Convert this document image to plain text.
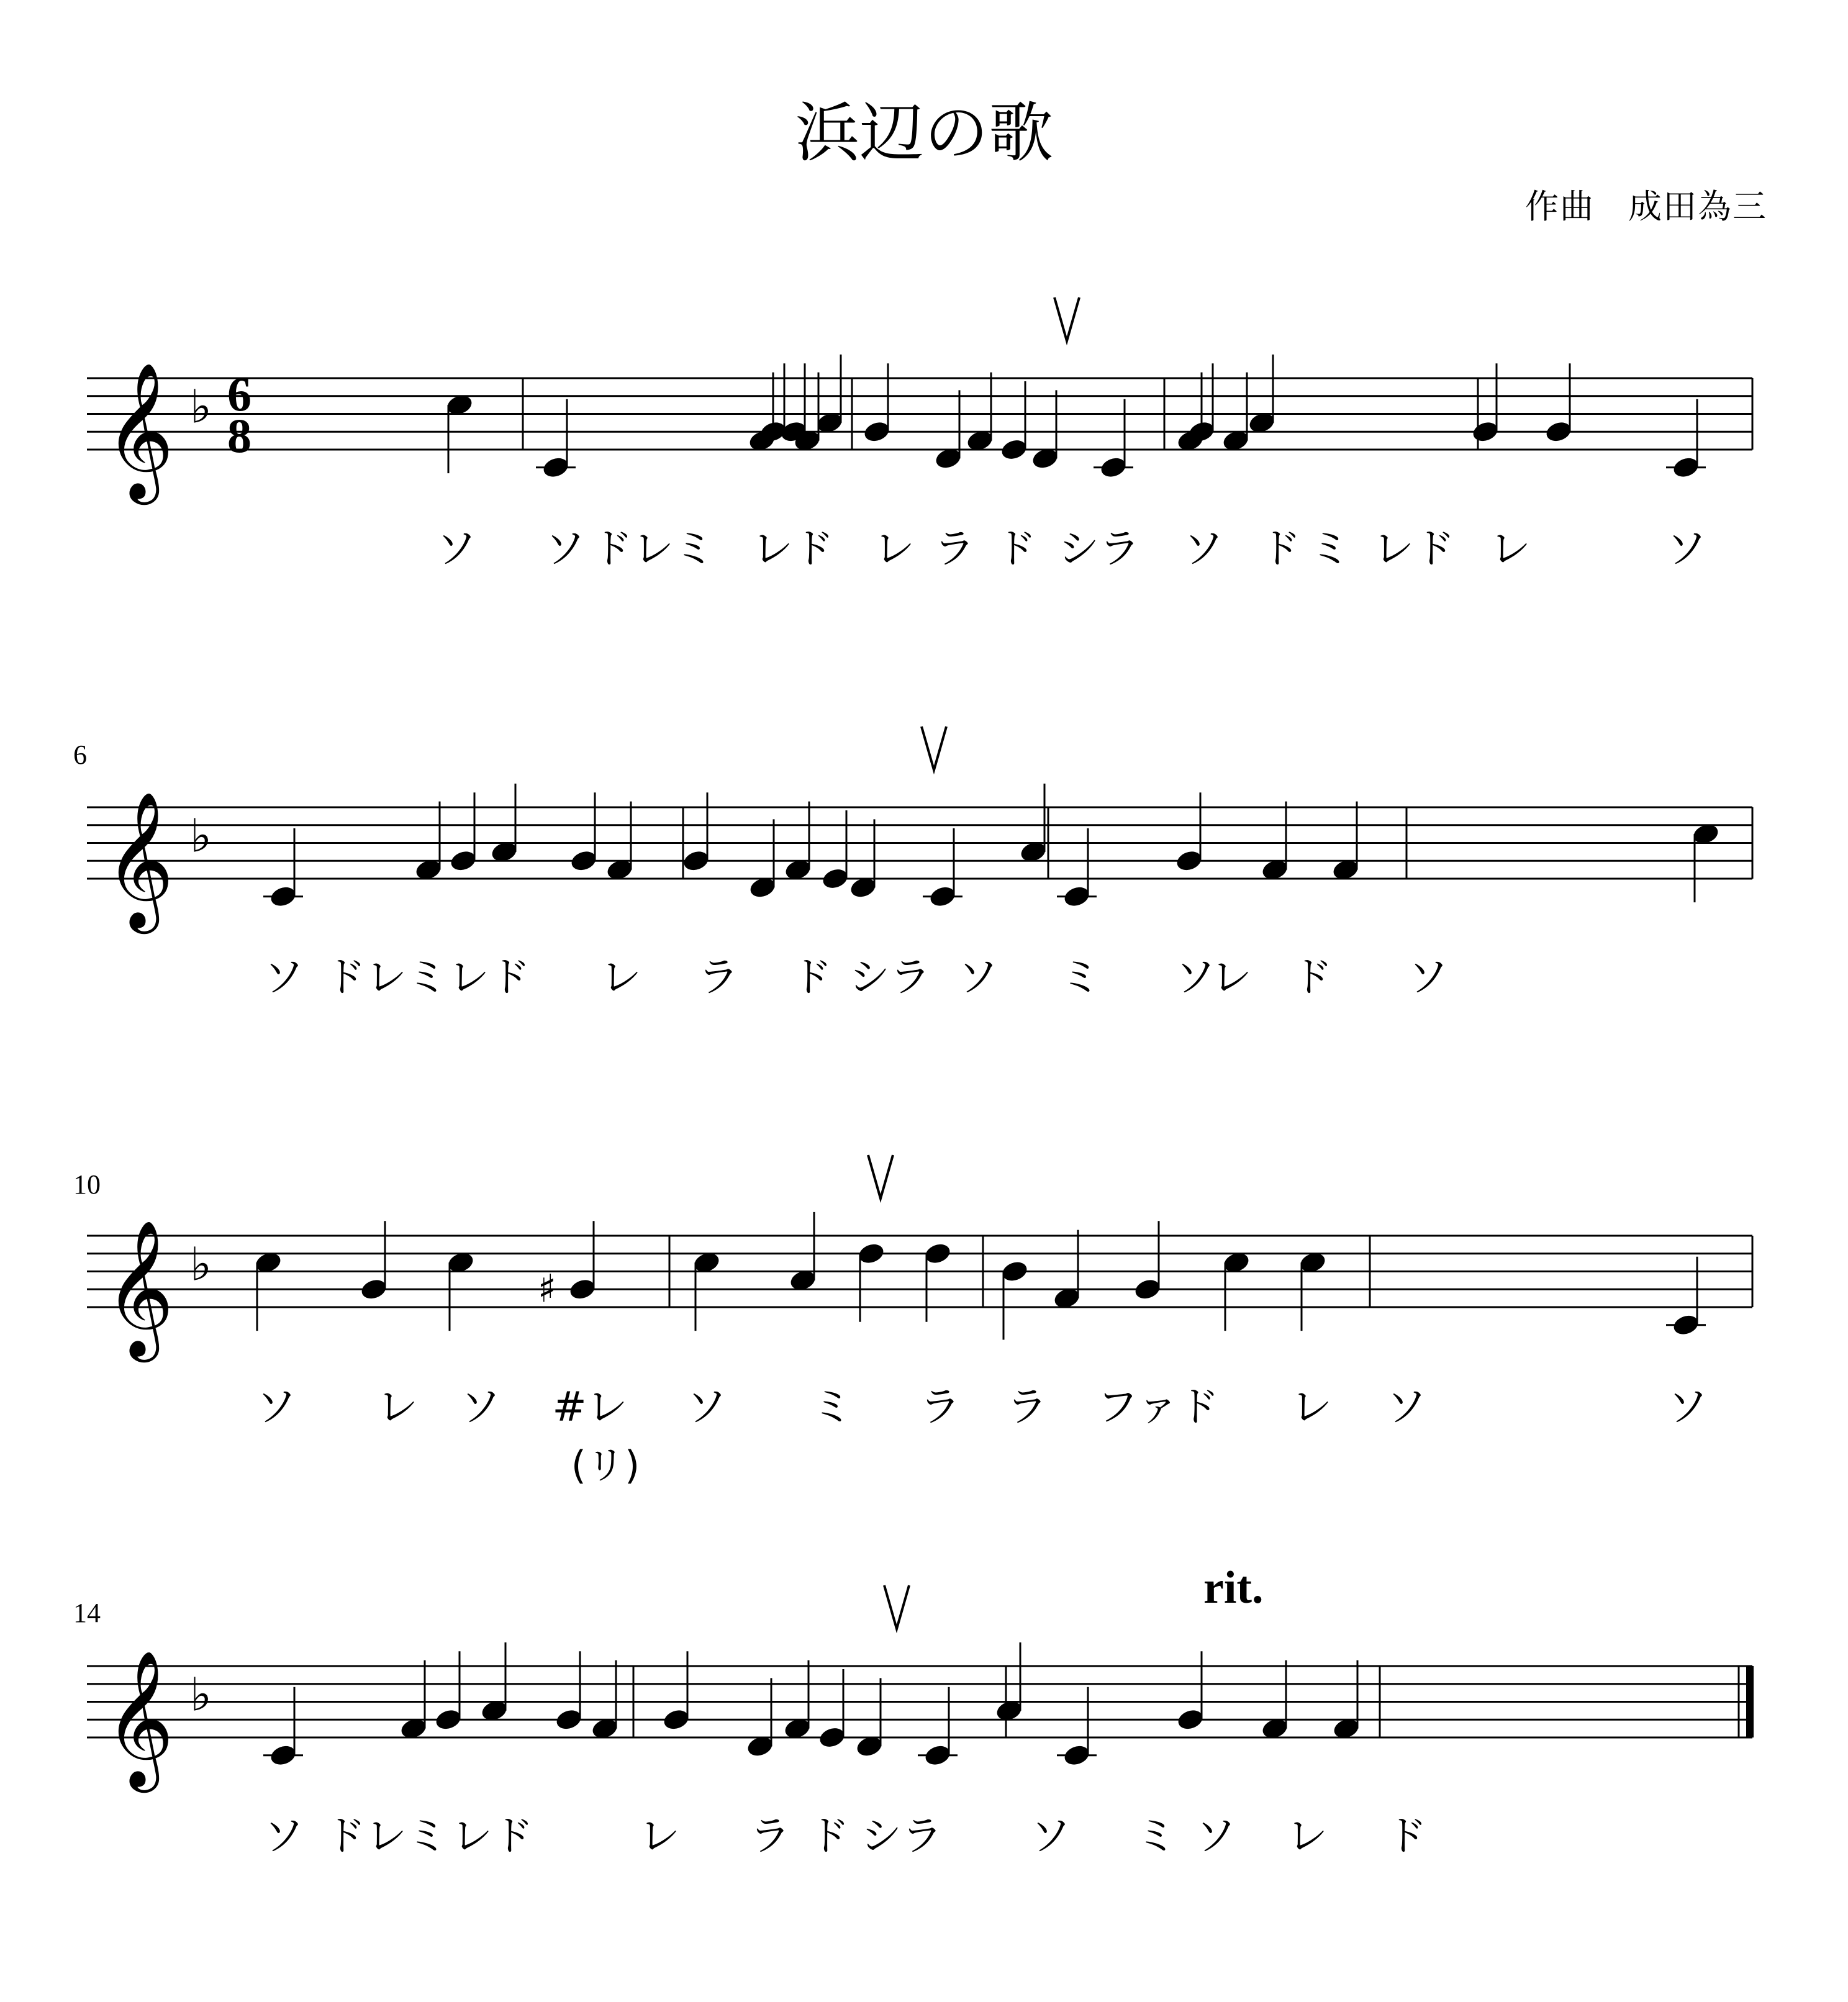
浜辺の歌
作曲 成田為三
6
10
14	rit.
𝄞 ♭ 6
8
𝄞 ♭
𝄞 ♭	♯
𝄞 ♭
ソ ソ ドレミ レド レ ラ ド シラ ソ ド ミ レド レ	ソ
ソ ドレミ レド レ ラ ド シラ ソ ミ ソ
レ ド ソ
ソ レ ソ #レ ソ ミ ラ ラ ファド レ ソ	ソ
(リ)
ソ ドレミ レド	レ ラ ド シラ ソ ミ ソ レ ド
